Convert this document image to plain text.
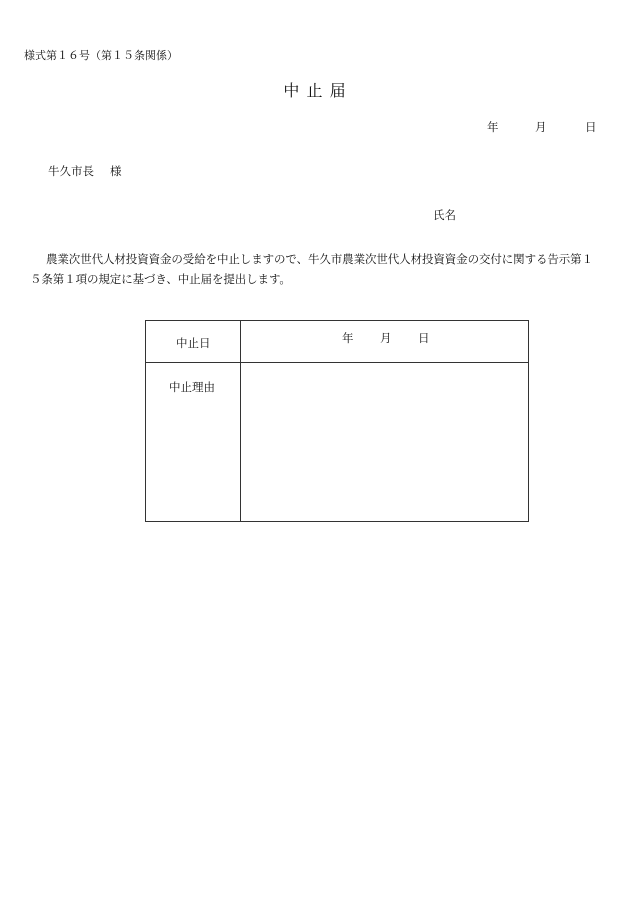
様式第１６号（第１５条関係）
中 止 届
年	月	日
牛久市長 様
氏名
農業次世代人材投資資金の受給を中止しますので、牛久市農業次世代人材投資資金の交付に関する告示第１５条第１項の規定に基づき、中止届を提出します。
中止日	年 月 日
中止理由
